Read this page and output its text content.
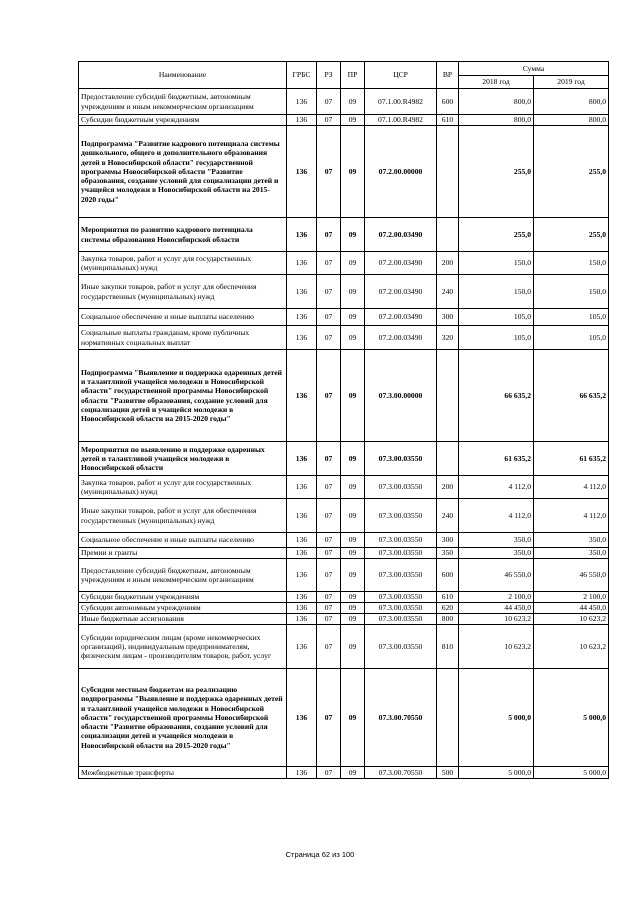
Наименование	ГРБС	РЗ	ПР	ЦСР	ВР	Сумма	
						2018 год	2019 год
Предоставление субсидий бюджетным, автономным учреждениям и иным некоммерческим организациям	136	07	09	07.1.00.R4982	600	800,0	800,0
Субсидии бюджетным учреждениям	136	07	09	07.1.00.R4982	610	800,0	800,0
Подпрограмма "Развитие кадрового потенциала системы дошкольного, общего и дополнительного образования детей в Новосибирской области" государственной программы Новосибирской области "Развитие образования, создание условий для социализации детей и учащейся молодежи в Новосибирской области на 2015-2020 годы"	136	07	09	07.2.00.00000		255,0	255,0
Мероприятия по развитию кадрового потенциала системы образования Новосибирской области	136	07	09	07.2.00.03490		255,0	255,0
Закупка товаров, работ и услуг для государственных (муниципальных) нужд	136	07	09	07.2.00.03490	200	150,0	150,0
Иные закупки товаров, работ и услуг для обеспечения государственных (муниципальных) нужд	136	07	09	07.2.00.03490	240	150,0	150,0
Социальное обеспечение и иные выплаты населению	136	07	09	07.2.00.03490	300	105,0	105,0
Социальные выплаты гражданам, кроме публичных нормативных социальных выплат	136	07	09	07.2.00.03490	320	105,0	105,0
Подпрограмма "Выявление и поддержка одаренных детей и талантливой учащейся молодежи в Новосибирской области" государственной программы Новосибирской области "Развитие образования, создание условий для социализации детей и учащейся молодежи в Новосибирской области на 2015-2020 годы"	136	07	09	07.3.00.00000		66 635,2	66 635,2
Мероприятия по выявлению и поддержке одаренных детей и талантливой учащейся молодежи в Новосибирской области	136	07	09	07.3.00.03550		61 635,2	61 635,2
Закупка товаров, работ и услуг для государственных (муниципальных) нужд	136	07	09	07.3.00.03550	200	4 112,0	4 112,0
Иные закупки товаров, работ и услуг для обеспечения государственных (муниципальных) нужд	136	07	09	07.3.00.03550	240	4 112,0	4 112,0
Социальное обеспечение и иные выплаты населению	136	07	09	07.3.00.03550	300	350,0	350,0
Премии и гранты	136	07	09	07.3.00.03550	350	350,0	350,0
Предоставление субсидий бюджетным, автономным учреждениям и иным некоммерческим организациям	136	07	09	07.3.00.03550	600	46 550,0	46 550,0
Субсидии бюджетным учреждениям	136	07	09	07.3.00.03550	610	2 100,0	2 100,0
Субсидии автономным учреждениям	136	07	09	07.3.00.03550	620	44 450,0	44 450,0
Иные бюджетные ассигнования	136	07	09	07.3.00.03550	800	10 623,2	10 623,2
Субсидии юридическим лицам (кроме некоммерческих организаций), индивидуальным предпринимателям, физическим лицам - производителям товаров, работ, услуг	136	07	09	07.3.00.03550	810	10 623,2	10 623,2
Субсидии местным бюджетам на реализацию подпрограммы "Выявление и поддержка одаренных детей и талантливой учащейся молодежи в Новосибирской области" государственной программы Новосибирской области "Развитие образования, создание условий для социализации детей и учащейся молодежи в Новосибирской области на 2015-2020 годы"	136	07	09	07.3.00.70550		5 000,0	5 000,0
Межбюджетные трансферты	136	07	09	07.3.00.70550	500	5 000,0	5 000,0
Страница 62 из 100
